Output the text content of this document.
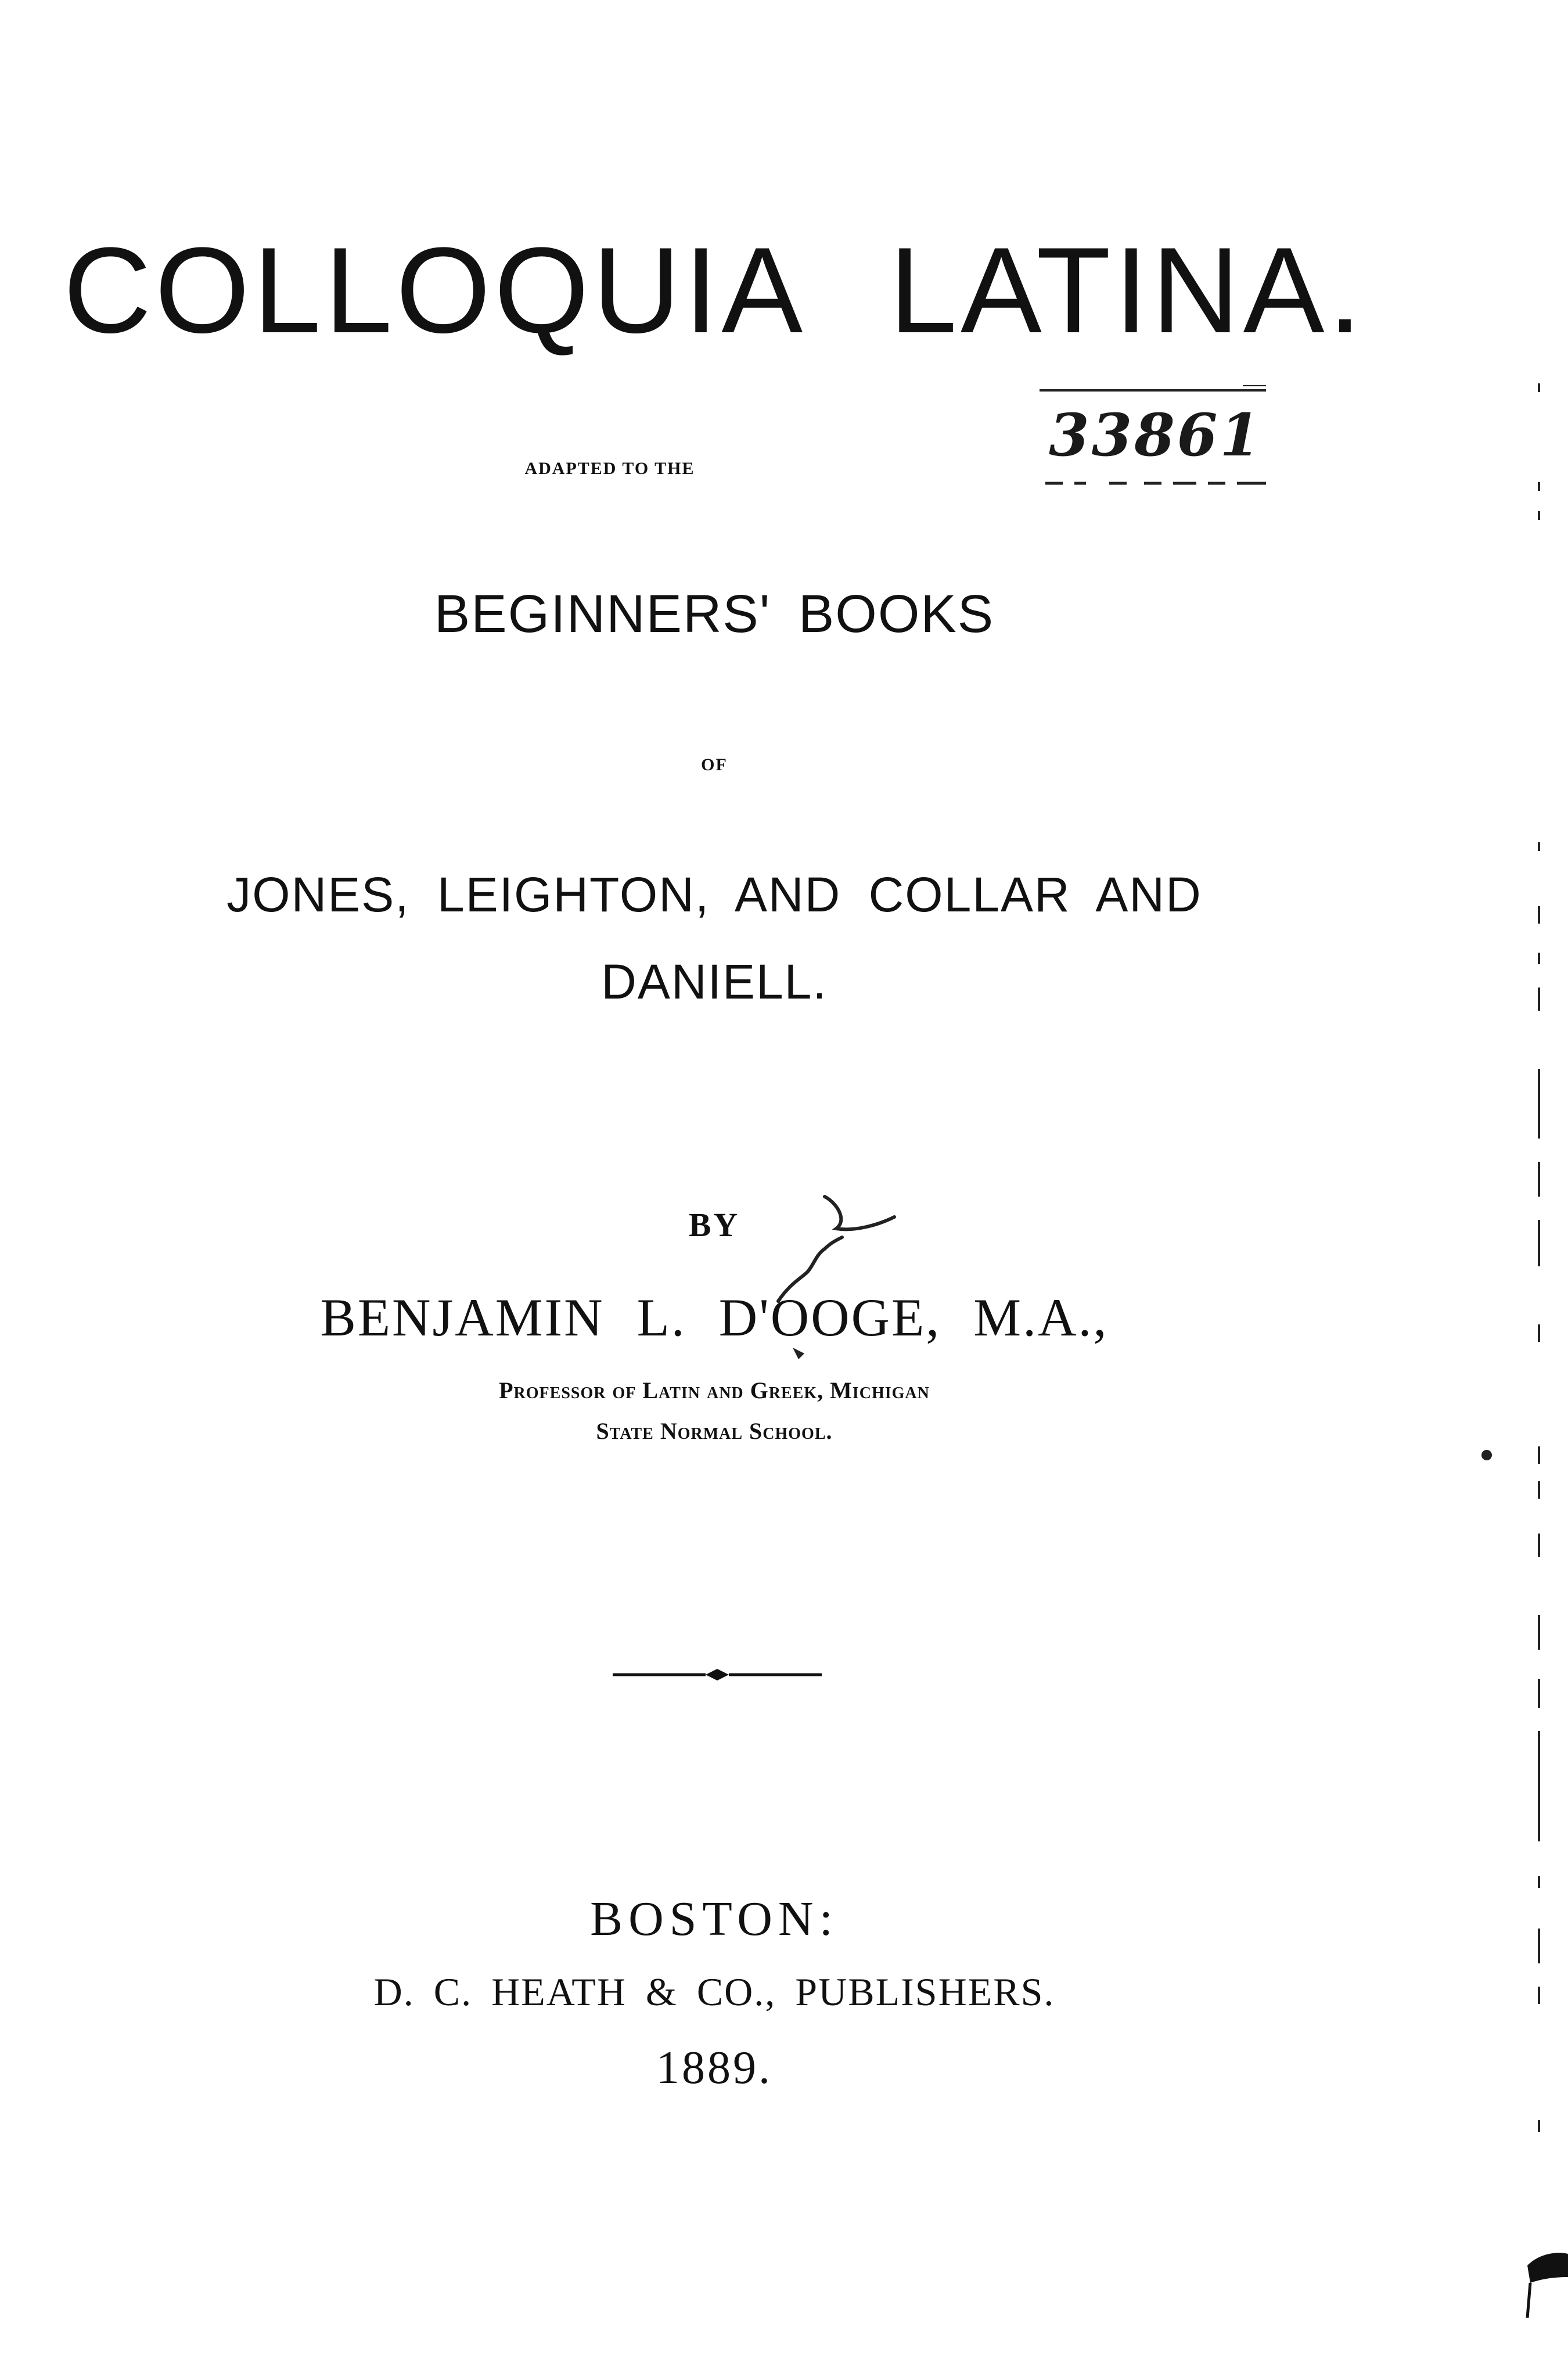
COLLOQUIA LATINA.
ADAPTED TO THE	33861
BEGINNERS' BOOKS
OF
JONES, LEIGHTON, AND COLLAR AND DANIELL.
BY
BENJAMIN L. D'OOGE, M.A.,
Professor of Latin and Greek, Michigan
State Normal School.
BOSTON:
D. C. HEATH & CO., PUBLISHERS.
1889.
